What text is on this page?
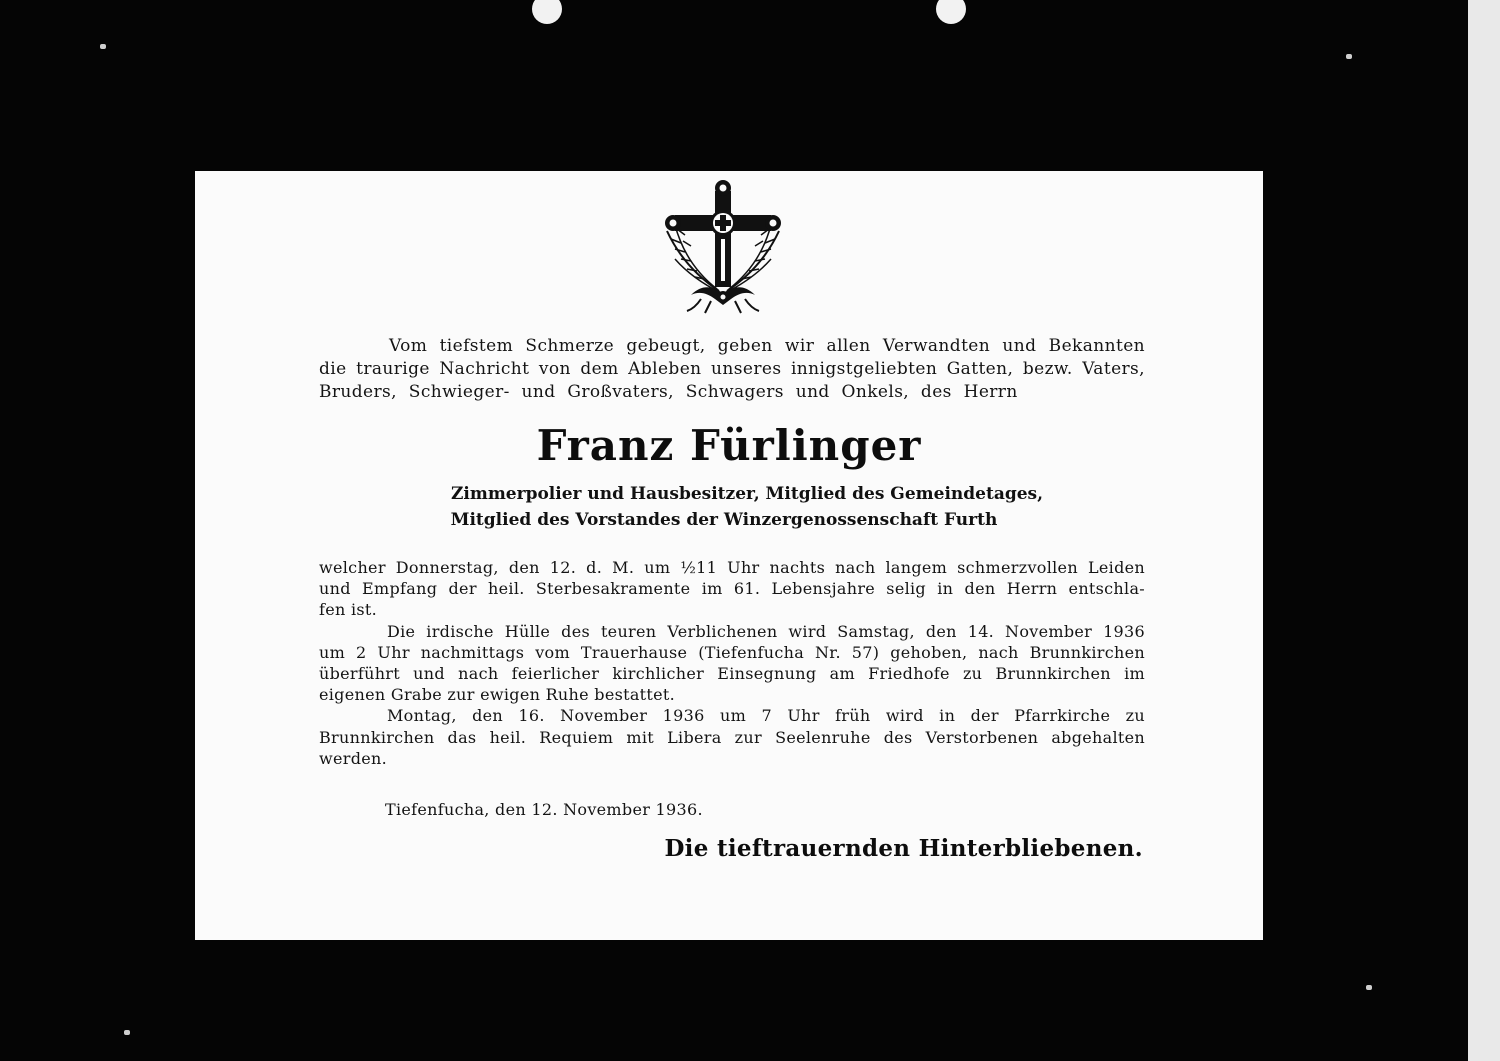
Vom tiefstem Schmerze gebeugt, geben wir allen Verwandten und Bekannten
die traurige Nachricht von dem Ableben unseres innigstgeliebten Gatten, bezw. Vaters,
Bruders, Schwieger- und Großvaters, Schwagers und Onkels, des Herrn
Franz Fürlinger
Zimmerpolier und Hausbesitzer, Mitglied des Gemeindetages,
Mitglied des Vorstandes der Winzergenossenschaft Furth
welcher Donnerstag, den 12. d. M. um ½11 Uhr nachts nach langem schmerzvollen Leiden
und Empfang der heil. Sterbesakramente im 61. Lebensjahre selig in den Herrn entschla-
fen ist.
Die irdische Hülle des teuren Verblichenen wird Samstag, den 14. November 1936
um 2 Uhr nachmittags vom Trauerhause (Tiefenfucha Nr. 57) gehoben, nach Brunnkirchen
überführt und nach feierlicher kirchlicher Einsegnung am Friedhofe zu Brunnkirchen im
eigenen Grabe zur ewigen Ruhe bestattet.
Montag, den 16. November 1936 um 7 Uhr früh wird in der Pfarrkirche zu
Brunnkirchen das heil. Requiem mit Libera zur Seelenruhe des Verstorbenen abgehalten
werden.
Tiefenfucha, den 12. November 1936.
Die tieftrauernden Hinterbliebenen.
